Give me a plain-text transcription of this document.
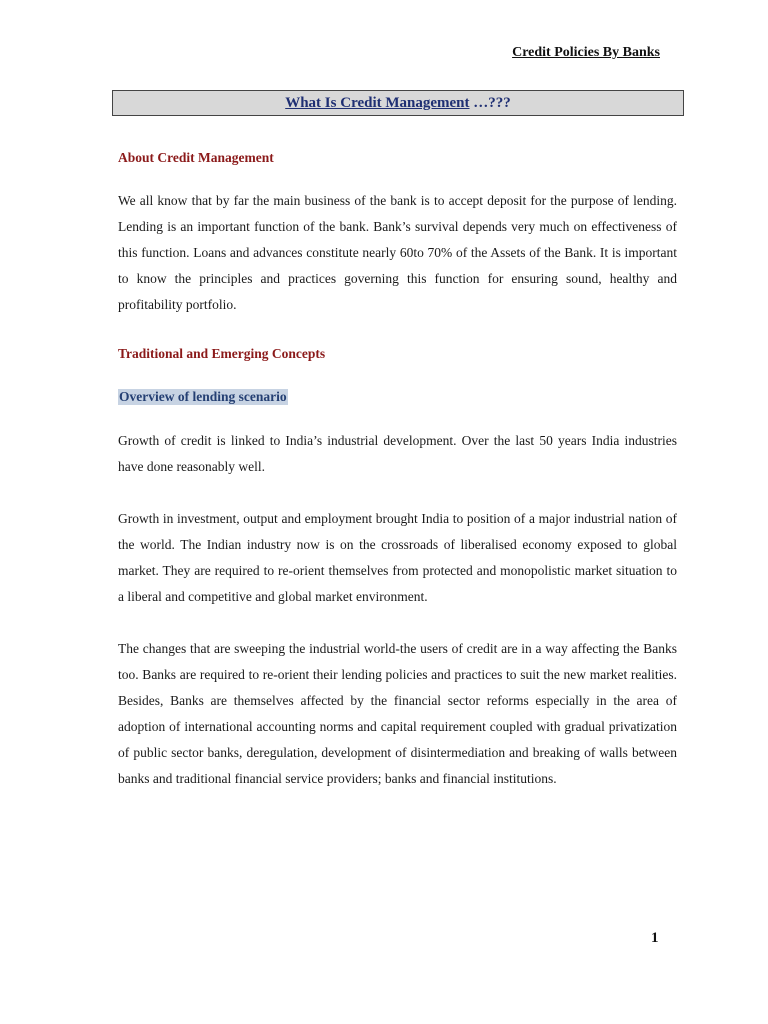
Credit Policies By Banks
What Is Credit Management …???

About Credit Management

We all know that by far the main business of the bank is to accept deposit for the purpose of lending. Lending is an important function of the bank. Bank’s survival depends very much on effectiveness of this function. Loans and advances constitute nearly 60to 70% of the Assets of the Bank. It is important to know the principles and practices governing this function for ensuring sound, healthy and profitability portfolio.

Traditional and Emerging Concepts

Overview of lending scenario

Growth of credit is linked to India’s industrial development. Over the last 50 years India industries have done reasonably well.

Growth in investment, output and employment brought India to position of a major industrial nation of the world. The Indian industry now is on the crossroads of liberalised economy exposed to global market. They are required to re-orient themselves from protected and monopolistic market situation to a liberal and competitive and global market environment.

The changes that are sweeping the industrial world-the users of credit are in a way affecting the Banks too. Banks are required to re-orient their lending policies and practices to suit the new market realities. Besides, Banks are themselves affected by the financial sector reforms especially in the area of adoption of international accounting norms and capital requirement coupled with gradual privatization of public sector banks, deregulation, development of disintermediation and breaking of walls between banks and traditional financial service providers; banks and financial institutions.

1
